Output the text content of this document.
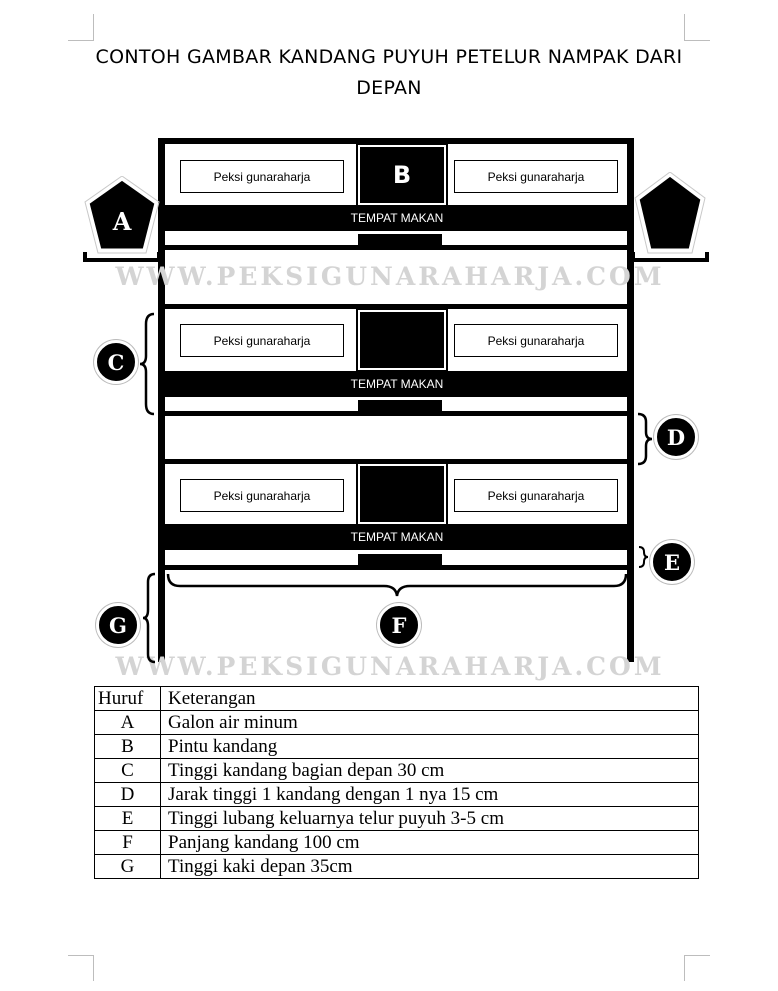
CONTOH GAMBAR KANDANG PUYUH PETELUR NAMPAK DARI
DEPAN
Peksi gunaraharja	Peksi gunaraharja
B
TEMPAT MAKAN
Peksi gunaraharja	Peksi gunaraharja
TEMPAT MAKAN
Peksi gunaraharja	Peksi gunaraharja
TEMPAT MAKAN
WWW.PEKSIGUNARAHARJA.COM
WWW.PEKSIGUNARAHARJA.COM
A
C
D
E
F
G
Huruf	Keterangan
A	Galon air minum
B	Pintu kandang
C	Tinggi kandang bagian depan 30 cm
D	Jarak tinggi 1 kandang dengan 1 nya 15 cm
E	Tinggi lubang keluarnya telur puyuh 3-5 cm
F	Panjang kandang 100 cm
G	Tinggi kaki depan 35cm
